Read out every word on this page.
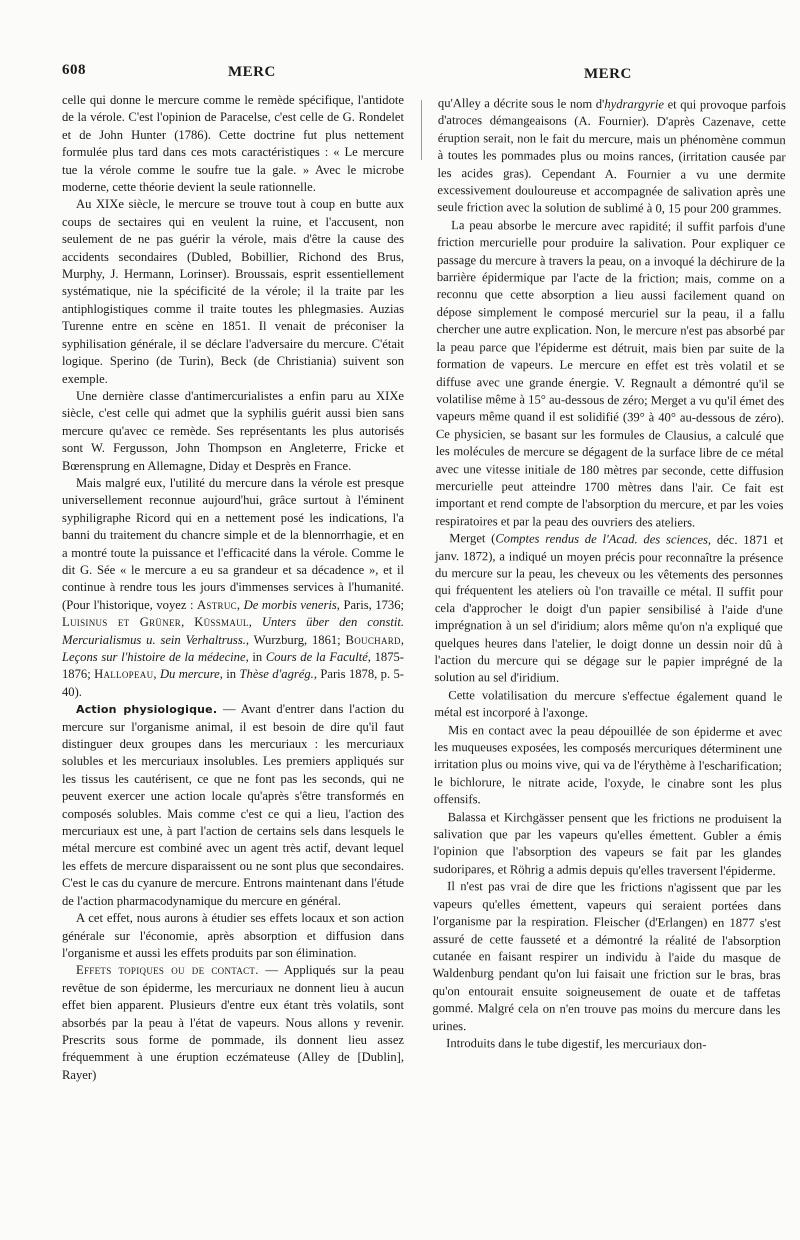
608	MERC	MERC

celle qui donne le mercure comme le remède spécifique, l'antidote de la vérole. C'est l'opinion de Paracelse, c'est celle de G. Rondelet et de John Hunter (1786). Cette doctrine fut plus nettement formulée plus tard dans ces mots caractéristiques : « Le mercure tue la vérole comme le soufre tue la gale. » Avec le microbe moderne, cette théorie devient la seule rationnelle.

Au XIXe siècle, le mercure se trouve tout à coup en butte aux coups de sectaires qui en veulent la ruine, et l'accusent, non seulement de ne pas guérir la vérole, mais d'être la cause des accidents secondaires (Dubled, Bobillier, Richond des Brus, Murphy, J. Hermann, Lorinser). Broussais, esprit essentiellement systématique, nie la spécificité de la vérole; il la traite par les antiphlogistiques comme il traite toutes les phlegmasies. Auzias Turenne entre en scène en 1851. Il venait de préconiser la syphilisation générale, il se déclare l'adversaire du mercure. C'était logique. Sperino (de Turin), Beck (de Christiania) suivent son exemple.

Une dernière classe d'antimercurialistes a enfin paru au XIXe siècle, c'est celle qui admet que la syphilis guérit aussi bien sans mercure qu'avec ce remède. Ses représentants les plus autorisés sont W. Fergusson, John Thompson en Angleterre, Fricke et Bœrensprung en Allemagne, Diday et Desprès en France.

Mais malgré eux, l'utilité du mercure dans la vérole est presque universellement reconnue aujourd'hui, grâce surtout à l'éminent syphiligraphe Ricord qui en a nettement posé les indications, l'a banni du traitement du chancre simple et de la blennorrhagie, et en a montré toute la puissance et l'efficacité dans la vérole. Comme le dit G. Sée « le mercure a eu sa grandeur et sa décadence », et il continue à rendre tous les jours d'immenses services à l'humanité. (Pour l'historique, voyez : Astruc, De morbis veneris, Paris, 1736; Luisinus et Grüner, Küssmaul, Unters über den constit. Mercurialismus u. sein Verhaltruss., Wurzburg, 1861; Bouchard, Leçons sur l'histoire de la médecine, in Cours de la Faculté, 1875-1876; Hallopeau, Du mercure, in Thèse d'agrég., Paris 1878, p. 5-40).

Action physiologique. — Avant d'entrer dans l'action du mercure sur l'organisme animal, il est besoin de dire qu'il faut distinguer deux groupes dans les mercuriaux : les mercuriaux solubles et les mercuriaux insolubles. Les premiers appliqués sur les tissus les cautérisent, ce que ne font pas les seconds, qui ne peuvent exercer une action locale qu'après s'être transformés en composés solubles. Mais comme c'est ce qui a lieu, l'action des mercuriaux est une, à part l'action de certains sels dans lesquels le métal mercure est combiné avec un agent très actif, devant lequel les effets de mercure disparaissent ou ne sont plus que secondaires. C'est le cas du cyanure de mercure. Entrons maintenant dans l'étude de l'action pharmacodynamique du mercure en général.

A cet effet, nous aurons à étudier ses effets locaux et son action générale sur l'économie, après absorption et diffusion dans l'organisme et aussi les effets produits par son élimination.

Effets topiques ou de contact. — Appliqués sur la peau revêtue de son épiderme, les mercuriaux ne donnent lieu à aucun effet bien apparent. Plusieurs d'entre eux étant très volatils, sont absorbés par la peau à l'état de vapeurs. Nous allons y revenir. Prescrits sous forme de pommade, ils donnent lieu assez fréquemment à une éruption eczémateuse (Alley de [Dublin], Rayer)

qu'Alley a décrite sous le nom d'hydrargyrie et qui provoque parfois d'atroces démangeaisons (A. Fournier). D'après Cazenave, cette éruption serait, non le fait du mercure, mais un phénomène commun à toutes les pommades plus ou moins rances, (irritation causée par les acides gras). Cependant A. Fournier a vu une dermite excessivement douloureuse et accompagnée de salivation après une seule friction avec la solution de sublimé à 0, 15 pour 200 grammes.

La peau absorbe le mercure avec rapidité; il suffit parfois d'une friction mercurielle pour produire la salivation. Pour expliquer ce passage du mercure à travers la peau, on a invoqué la déchirure de la barrière épidermique par l'acte de la friction; mais, comme on a reconnu que cette absorption a lieu aussi facilement quand on dépose simplement le composé mercuriel sur la peau, il a fallu chercher une autre explication. Non, le mercure n'est pas absorbé par la peau parce que l'épiderme est détruit, mais bien par suite de la formation de vapeurs. Le mercure en effet est très volatil et se diffuse avec une grande énergie. V. Regnault a démontré qu'il se volatilise même à 15° au-dessous de zéro; Merget a vu qu'il émet des vapeurs même quand il est solidifié (39° à 40° au-dessous de zéro). Ce physicien, se basant sur les formules de Clausius, a calculé que les molécules de mercure se dégagent de la surface libre de ce métal avec une vitesse initiale de 180 mètres par seconde, cette diffusion mercurielle peut atteindre 1700 mètres dans l'air. Ce fait est important et rend compte de l'absorption du mercure, et par les voies respiratoires et par la peau des ouvriers des ateliers.

Merget (Comptes rendus de l'Acad. des sciences, déc. 1871 et janv. 1872), a indiqué un moyen précis pour reconnaître la présence du mercure sur la peau, les cheveux ou les vêtements des personnes qui fréquentent les ateliers où l'on travaille ce métal. Il suffit pour cela d'approcher le doigt d'un papier sensibilisé à l'aide d'une imprégnation à un sel d'iridium; alors même qu'on n'a expliqué que quelques heures dans l'atelier, le doigt donne un dessin noir dû à l'action du mercure qui se dégage sur le papier imprégné de la solution au sel d'iridium.

Cette volatilisation du mercure s'effectue également quand le métal est incorporé à l'axonge.

Mis en contact avec la peau dépouillée de son épiderme et avec les muqueuses exposées, les composés mercuriques déterminent une irritation plus ou moins vive, qui va de l'érythème à l'escharification; le bichlorure, le nitrate acide, l'oxyde, le cinabre sont les plus offensifs.

Balassa et Kirchgässer pensent que les frictions ne produisent la salivation que par les vapeurs qu'elles émettent. Gubler a émis l'opinion que l'absorption des vapeurs se fait par les glandes sudoripares, et Röhrig a admis depuis qu'elles traversent l'épiderme.

Il n'est pas vrai de dire que les frictions n'agissent que par les vapeurs qu'elles émettent, vapeurs qui seraient portées dans l'organisme par la respiration. Fleischer (d'Erlangen) en 1877 s'est assuré de cette fausseté et a démontré la réalité de l'absorption cutanée en faisant respirer un individu à l'aide du masque de Waldenburg pendant qu'on lui faisait une friction sur le bras, bras qu'on entourait ensuite soigneusement de ouate et de taffetas gommé. Malgré cela on n'en trouve pas moins du mercure dans les urines.

Introduits dans le tube digestif, les mercuriaux don-
